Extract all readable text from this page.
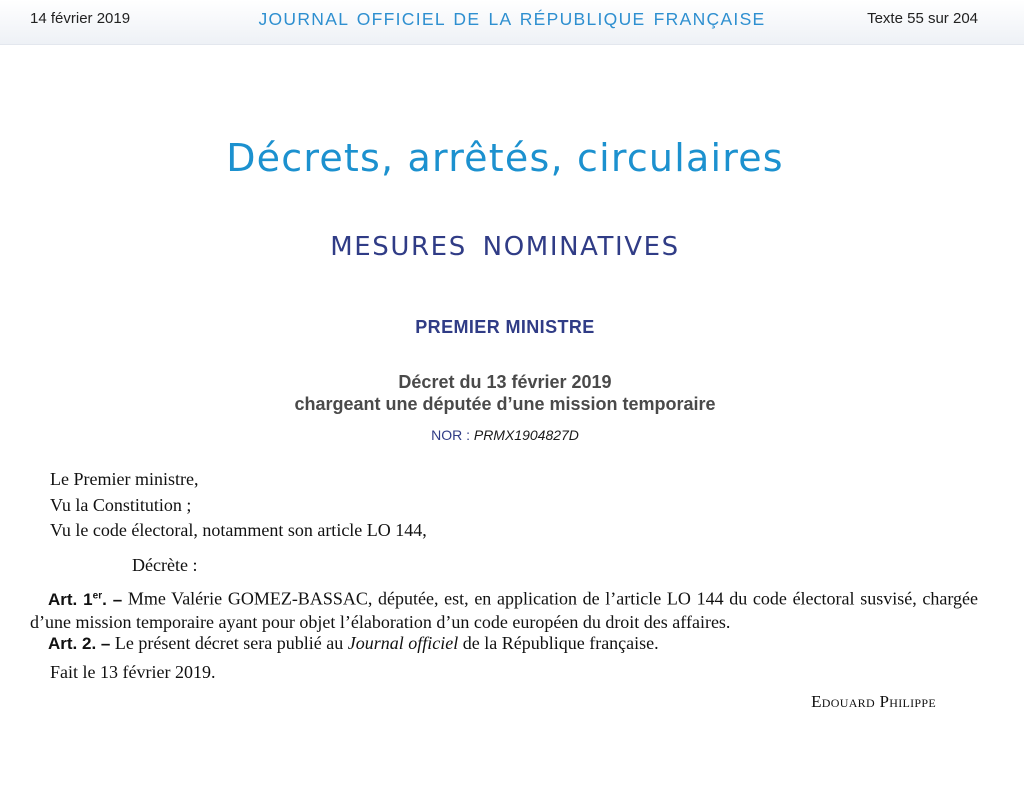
14 février 2019	JOURNAL OFFICIEL DE LA RÉPUBLIQUE FRANÇAISE	Texte 55 sur 204
Décrets, arrêtés, circulaires
MESURES NOMINATIVES
PREMIER MINISTRE
Décret du 13 février 2019
chargeant une députée d’une mission temporaire
NOR : PRMX1904827D
Le Premier ministre,
Vu la Constitution ;
Vu le code électoral, notamment son article LO 144,
Décrète :
Art. 1er. – Mme Valérie GOMEZ-BASSAC, députée, est, en application de l’article LO 144 du code électoral susvisé, chargée d’une mission temporaire ayant pour objet l’élaboration d’un code européen du droit des affaires.
Art. 2. – Le présent décret sera publié au Journal officiel de la République française.
Fait le 13 février 2019.
Edouard Philippe
